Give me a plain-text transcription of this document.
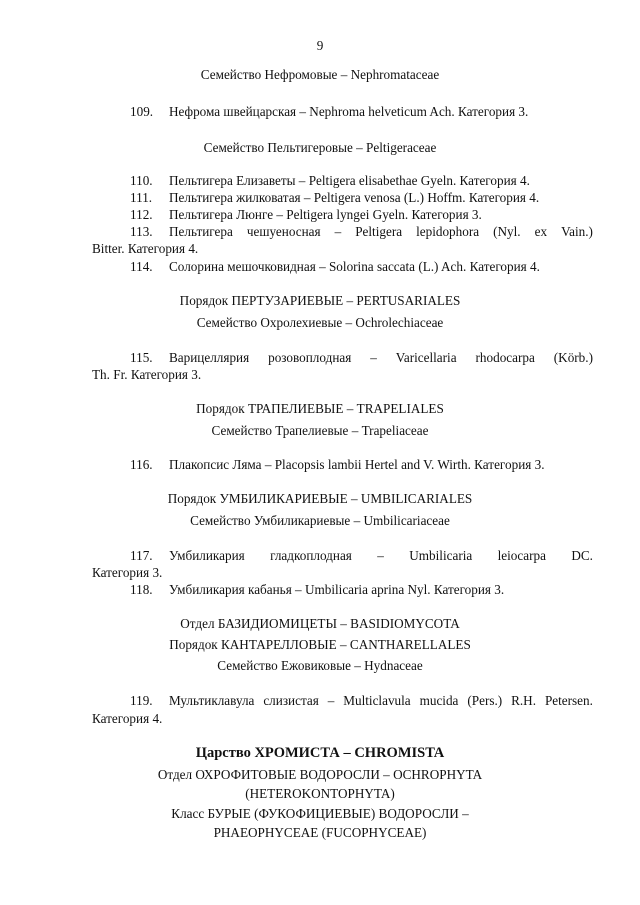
9
Семейство Нефромовые – Nephromataceae
109. Нефрома швейцарская – Nephroma helveticum Ach. Категория 3.
Семейство Пельтигеровые – Peltigeraceae
110. Пельтигера Елизаветы – Peltigera elisabethae Gyeln. Категория 4.
111. Пельтигера жилковатая – Peltigera venosa (L.) Hoffm. Категория 4.
112. Пельтигера Люнге – Peltigera lyngei Gyeln. Категория 3.
113. Пельтигера чешуеносная – Peltigera lepidophora (Nyl. ex Vain.)
Bitter. Категория 4.
114. Солорина мешочковидная – Solorina saccata (L.) Ach. Категория 4.
Порядок ПЕРТУЗАРИЕВЫЕ – PERTUSARIALES
Семейство Охролехиевые – Ochrolechiaceae
115. Варицеллярия розовоплодная – Varicellaria rhodocarpa (Körb.)
Th. Fr. Категория 3.
Порядок ТРАПЕЛИЕВЫЕ – TRAPELIALES
Семейство Трапелиевые – Trapeliaceae
116. Плакопсис Ляма – Placopsis lambii Hertel and V. Wirth. Категория 3.
Порядок УМБИЛИКАРИЕВЫЕ – UMBILICARIALES
Семейство Умбиликариевые – Umbilicariaceae
117. Умбиликария гладкоплодная – Umbilicaria leiocarpa DC.
Категория 3.
118. Умбиликария кабанья – Umbilicaria aprina Nyl. Категория 3.
Отдел БАЗИДИОМИЦЕТЫ – BASIDIOMYCOTA
Порядок КАНТАРЕЛЛОВЫЕ – CANTHARELLALES
Семейство Ежовиковые – Hydnaceae
119. Мультиклавула слизистая – Multiclavula mucida (Pers.) R.H. Petersen.
Категория 4.
Царство ХРОМИСТА – CHROMISTA
Отдел ОХРОФИТОВЫЕ ВОДОРОСЛИ – OCHROPHYTA
(HETEROKONTOPHYTA)
Класс БУРЫЕ (ФУКОФИЦИЕВЫЕ) ВОДОРОСЛИ –
PHAEOPHYCEAE (FUCOPHYCEAE)
